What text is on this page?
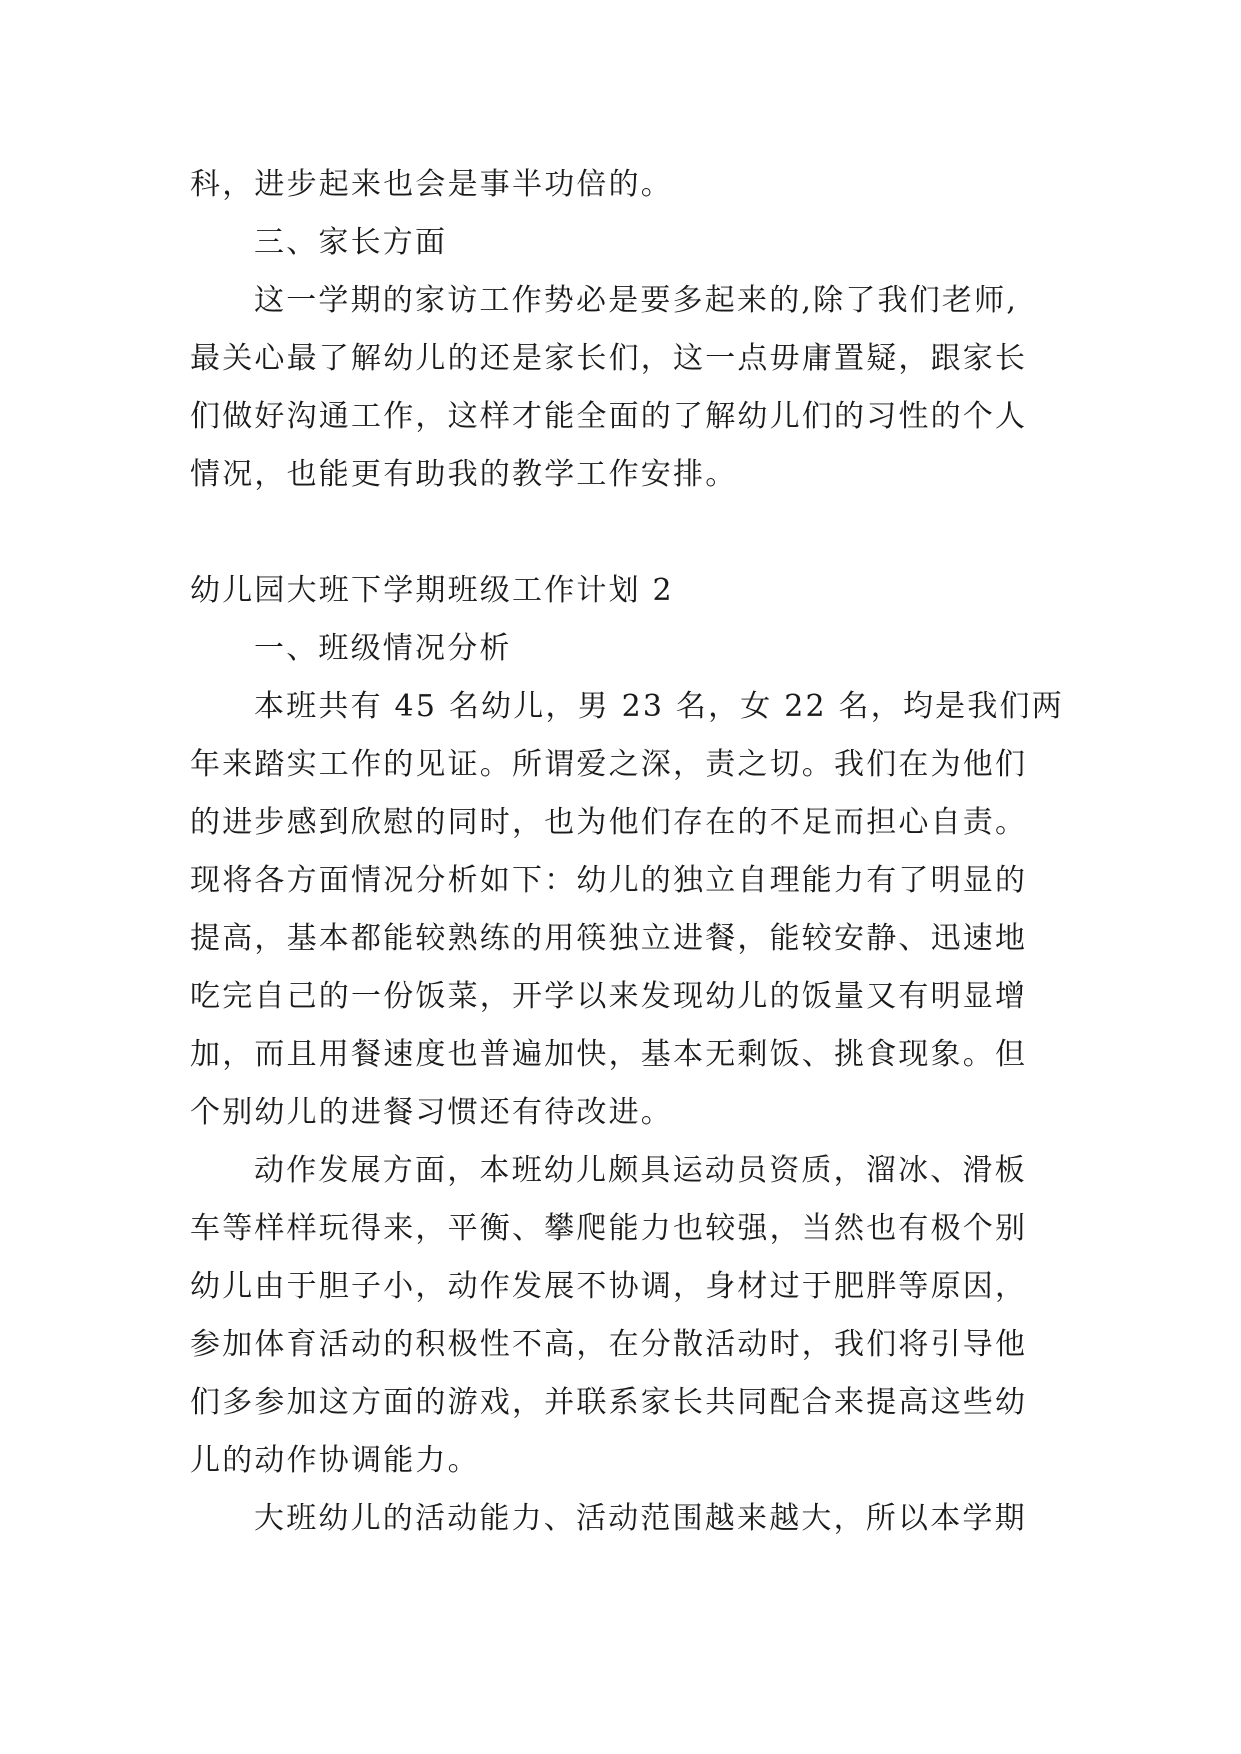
科，进步起来也会是事半功倍的。
三、家长方面
这一学期的家访工作势必是要多起来的,除了我们老师,
最关心最了解幼儿的还是家长们，这一点毋庸置疑，跟家长
们做好沟通工作，这样才能全面的了解幼儿们的习性的个人
情况，也能更有助我的教学工作安排。
幼儿园大班下学期班级工作计划 2
一、班级情况分析
本班共有 45 名幼儿，男 23 名，女 22 名，均是我们两
年来踏实工作的见证。所谓爱之深，责之切。我们在为他们
的进步感到欣慰的同时，也为他们存在的不足而担心自责。
现将各方面情况分析如下：幼儿的独立自理能力有了明显的
提高，基本都能较熟练的用筷独立进餐，能较安静、迅速地
吃完自己的一份饭菜，开学以来发现幼儿的饭量又有明显增
加，而且用餐速度也普遍加快，基本无剩饭、挑食现象。但
个别幼儿的进餐习惯还有待改进。
动作发展方面，本班幼儿颇具运动员资质，溜冰、滑板
车等样样玩得来，平衡、攀爬能力也较强，当然也有极个别
幼儿由于胆子小，动作发展不协调，身材过于肥胖等原因，
参加体育活动的积极性不高，在分散活动时，我们将引导他
们多参加这方面的游戏，并联系家长共同配合来提高这些幼
儿的动作协调能力。
大班幼儿的活动能力、活动范围越来越大，所以本学期
